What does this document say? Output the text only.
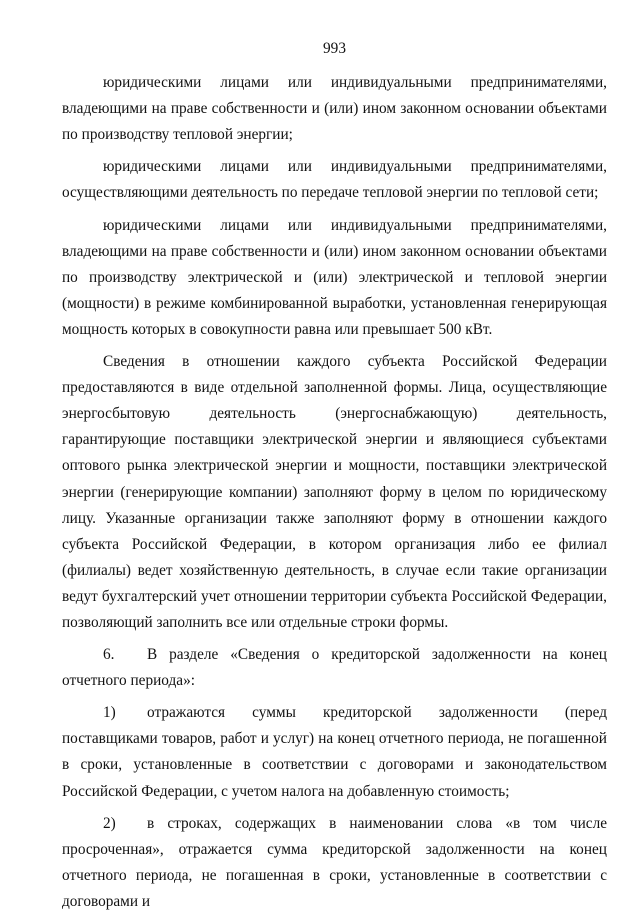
993

юридическими лицами или индивидуальными предпринимателями, владеющими на праве собственности и (или) ином законном основании объектами по производству тепловой энергии;

юридическими лицами или индивидуальными предпринимателями, осуществляющими деятельность по передаче тепловой энергии по тепловой сети;

юридическими лицами или индивидуальными предпринимателями, владеющими на праве собственности и (или) ином законном основании объектами по производству электрической и (или) электрической и тепловой энергии (мощности) в режиме комбинированной выработки, установленная генерирующая мощность которых в совокупности равна или превышает 500 кВт.

Сведения в отношении каждого субъекта Российской Федерации предоставляются в виде отдельной заполненной формы. Лица, осуществляющие энергосбытовую деятельность (энергоснабжающую) деятельность, гарантирующие поставщики электрической энергии и являющиеся субъектами оптового рынка электрической энергии и мощности, поставщики электрической энергии (генерирующие компании) заполняют форму в целом по юридическому лицу. Указанные организации также заполняют форму в отношении каждого субъекта Российской Федерации, в котором организация либо ее филиал (филиалы) ведет хозяйственную деятельность, в случае если такие организации ведут бухгалтерский учет отношении территории субъекта Российской Федерации, позволяющий заполнить все или отдельные строки формы.

6. В разделе «Сведения о кредиторской задолженности на конец отчетного периода»:

1) отражаются суммы кредиторской задолженности (перед поставщиками товаров, работ и услуг) на конец отчетного периода, не погашенной в сроки, установленные в соответствии с договорами и законодательством Российской Федерации, с учетом налога на добавленную стоимость;

2) в строках, содержащих в наименовании слова «в том числе просроченная», отражается сумма кредиторской задолженности на конец отчетного периода, не погашенная в сроки, установленные в соответствии с договорами и
